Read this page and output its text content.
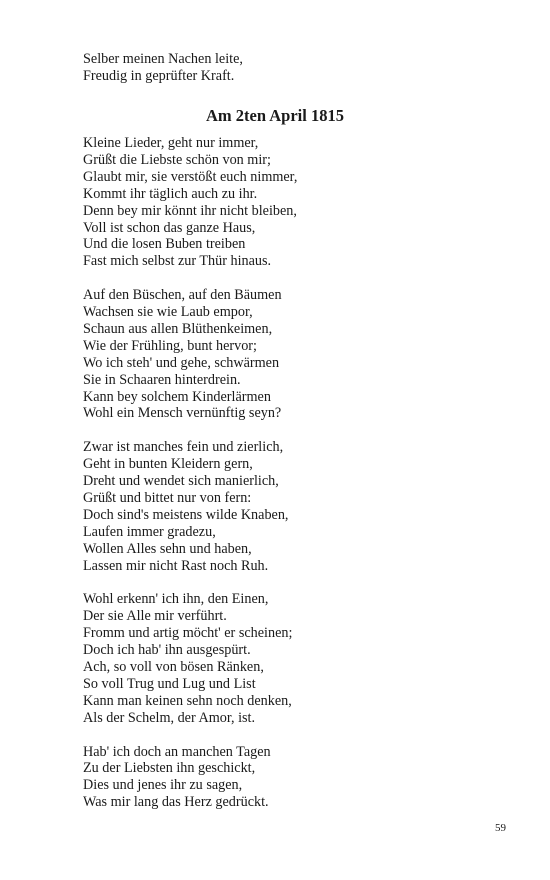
Selber meinen Nachen leite,
Freudig in geprüfter Kraft.
Am 2ten April 1815
Kleine Lieder, geht nur immer,
Grüßt die Liebste schön von mir;
Glaubt mir, sie verstößt euch nimmer,
Kommt ihr täglich auch zu ihr.
Denn bey mir könnt ihr nicht bleiben,
Voll ist schon das ganze Haus,
Und die losen Buben treiben
Fast mich selbst zur Thür hinaus.
Auf den Büschen, auf den Bäumen
Wachsen sie wie Laub empor,
Schaun aus allen Blüthenkeimen,
Wie der Frühling, bunt hervor;
Wo ich steh' und gehe, schwärmen
Sie in Schaaren hinterdrein.
Kann bey solchem Kinderlärmen
Wohl ein Mensch vernünftig seyn?
Zwar ist manches fein und zierlich,
Geht in bunten Kleidern gern,
Dreht und wendet sich manierlich,
Grüßt und bittet nur von fern:
Doch sind's meistens wilde Knaben,
Laufen immer gradezu,
Wollen Alles sehn und haben,
Lassen mir nicht Rast noch Ruh.
Wohl erkenn' ich ihn, den Einen,
Der sie Alle mir verführt.
Fromm und artig möcht' er scheinen;
Doch ich hab' ihn ausgespürt.
Ach, so voll von bösen Ränken,
So voll Trug und Lug und List
Kann man keinen sehn noch denken,
Als der Schelm, der Amor, ist.
Hab' ich doch an manchen Tagen
Zu der Liebsten ihn geschickt,
Dies und jenes ihr zu sagen,
Was mir lang das Herz gedrückt.
59
